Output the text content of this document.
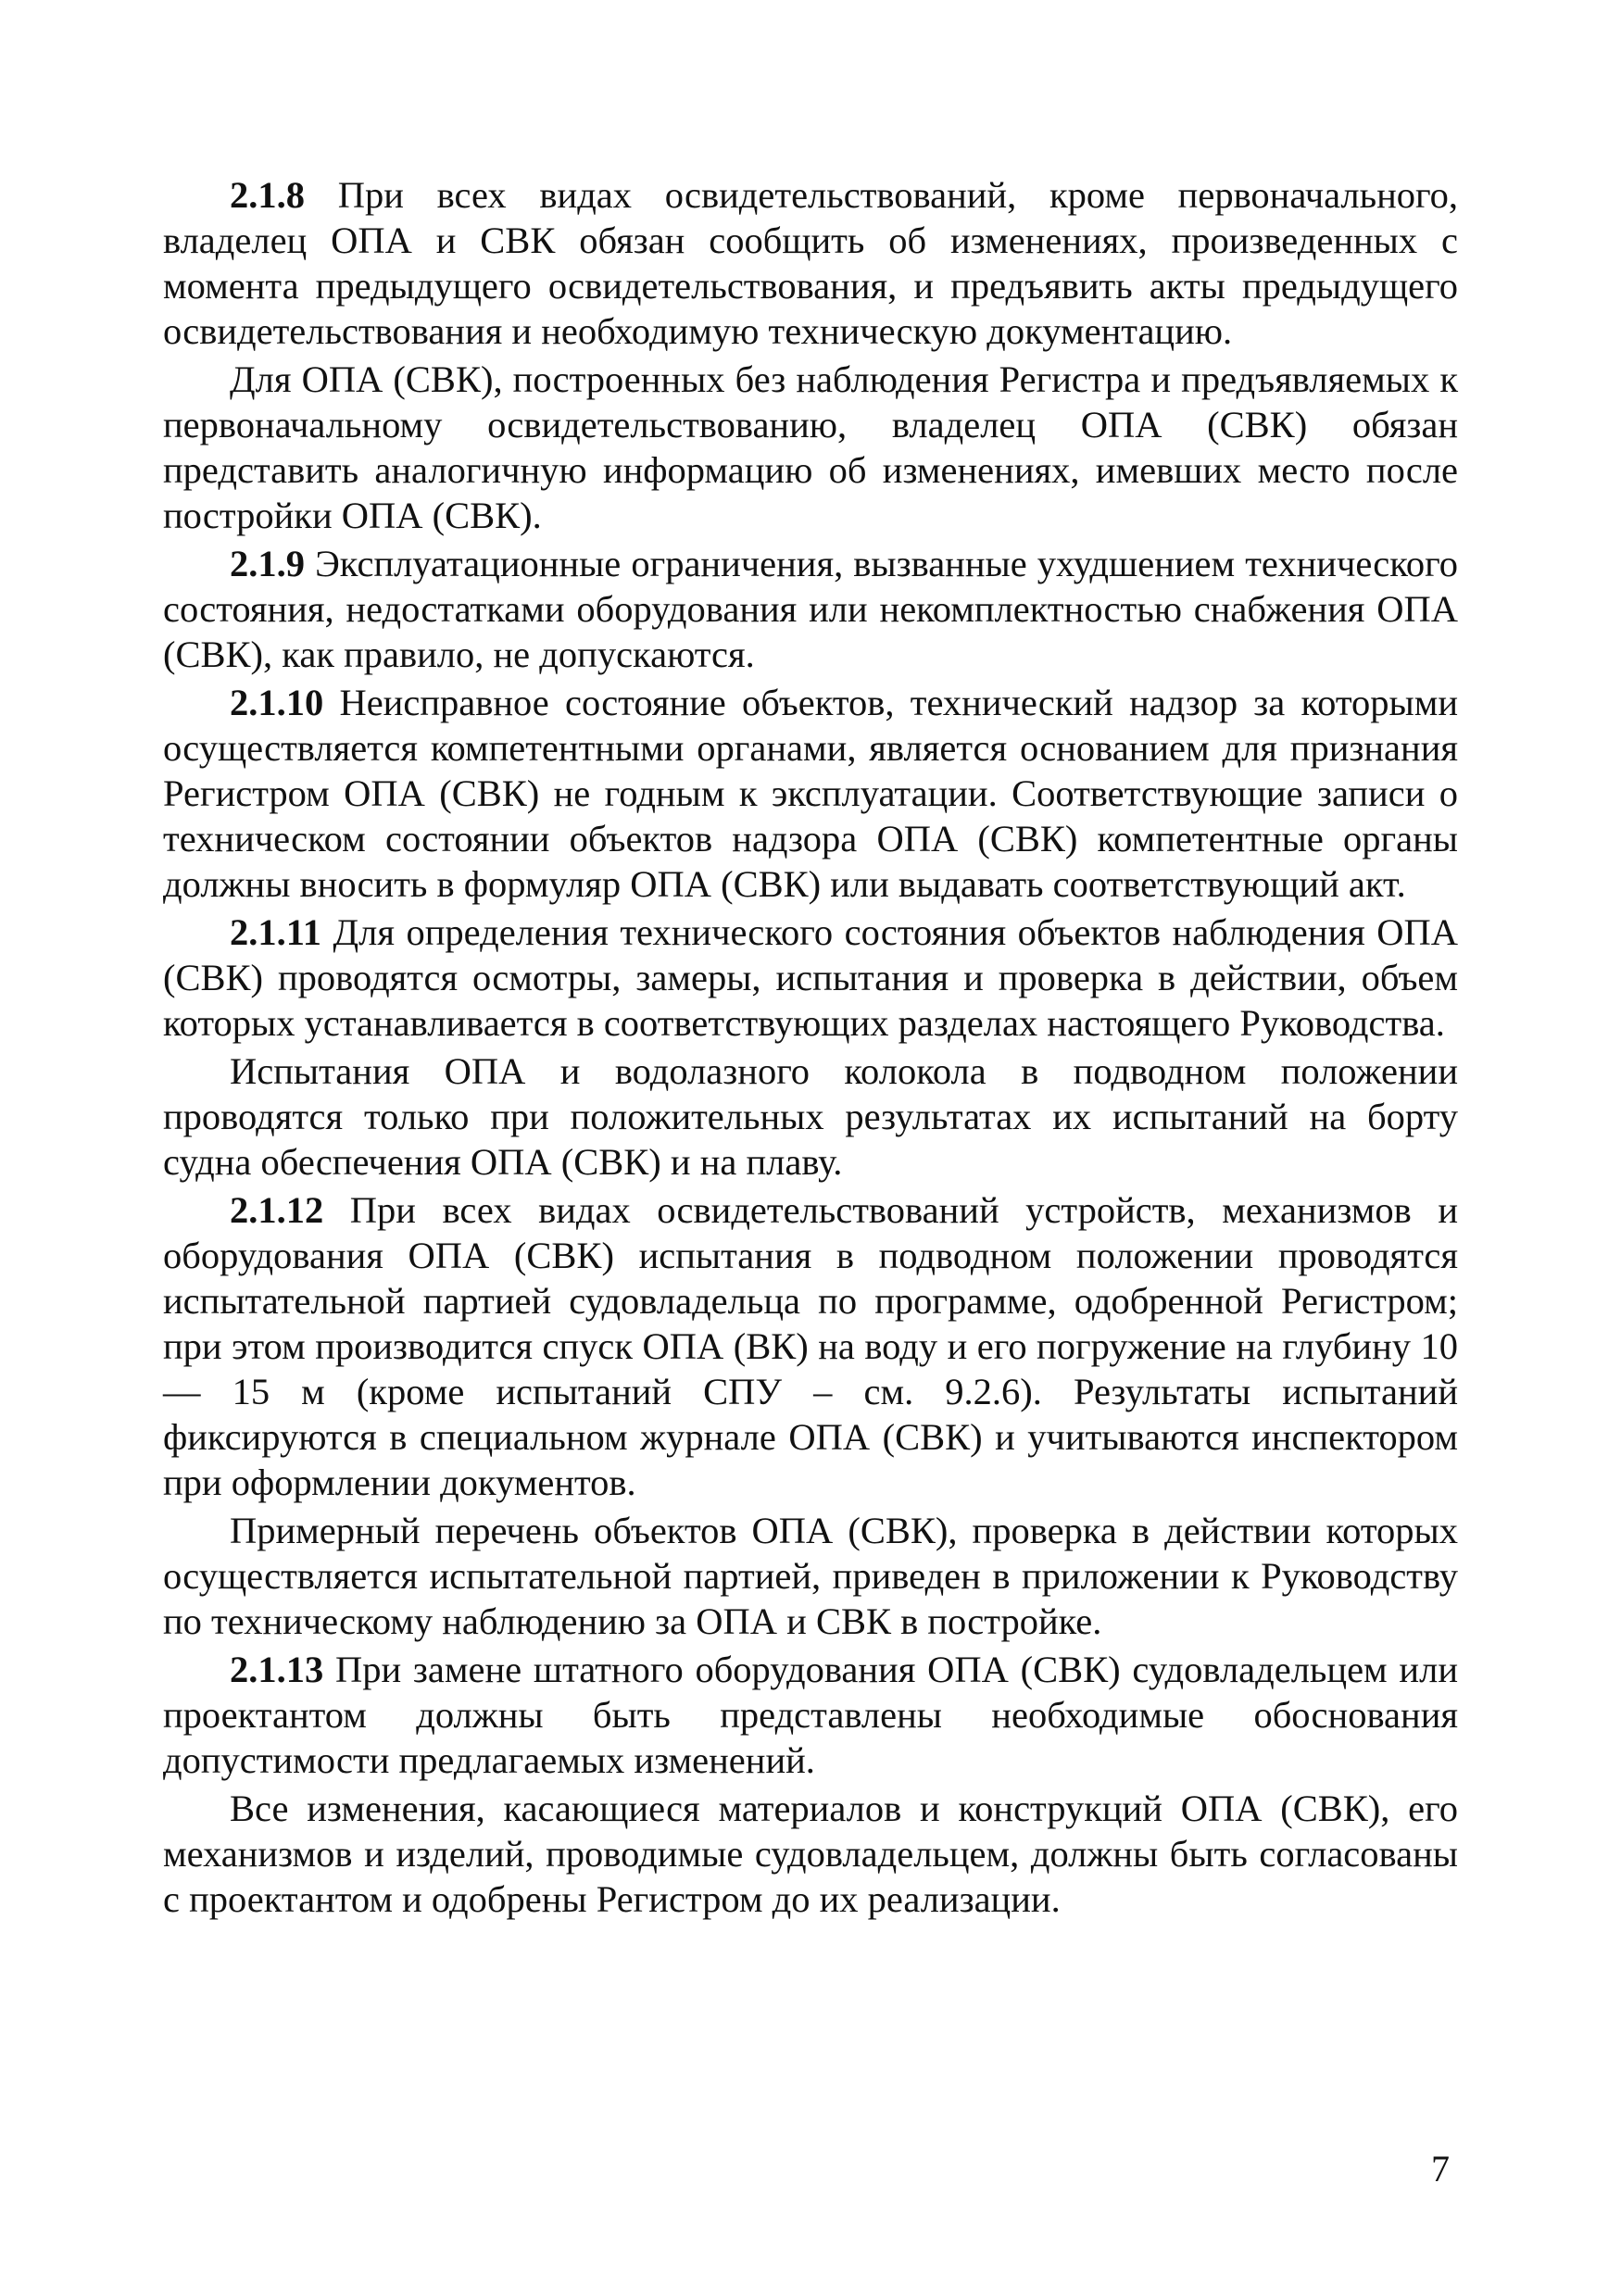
2.1.8 При всех видах освидетельствований, кроме первоначального, владелец ОПА и СВК обязан сообщить об изменениях, произведенных с момента предыдущего освидетельствования, и предъявить акты предыдущего освидетельствования и необходимую техническую документацию.

Для ОПА (СВК), построенных без наблюдения Регистра и предъявляемых к первоначальному освидетельствованию, владелец ОПА (СВК) обязан представить аналогичную информацию об изменениях, имевших место после постройки ОПА (СВК).

2.1.9 Эксплуатационные ограничения, вызванные ухудшением технического состояния, недостатками оборудования или некомплектностью снабжения ОПА (СВК), как правило, не допускаются.

2.1.10 Неисправное состояние объектов, технический надзор за которыми осуществляется компетентными органами, является основанием для признания Регистром ОПА (СВК) не годным к эксплуатации. Соответствующие записи о техническом состоянии объектов надзора ОПА (СВК) компетентные органы должны вносить в формуляр ОПА (СВК) или выдавать соответствующий акт.

2.1.11 Для определения технического состояния объектов наблюдения ОПА (СВК) проводятся осмотры, замеры, испытания и проверка в действии, объем которых устанавливается в соответствующих разделах настоящего Руководства.

Испытания ОПА и водолазного колокола в подводном положении проводятся только при положительных результатах их испытаний на борту судна обеспечения ОПА (СВК) и на плаву.

2.1.12 При всех видах освидетельствований устройств, механизмов и оборудования ОПА (СВК) испытания в подводном положении проводятся испытательной партией судовладельца по программе, одобренной Регистром; при этом производится спуск ОПА (ВК) на воду и его погружение на глубину 10 — 15 м (кроме испытаний СПУ – см. 9.2.6). Результаты испытаний фиксируются в специальном журнале ОПА (СВК) и учитываются инспектором при оформлении документов.

Примерный перечень объектов ОПА (СВК), проверка в действии которых осуществляется испытательной партией, приведен в приложении к Руководству по техническому наблюдению за ОПА и СВК в постройке.

2.1.13 При замене штатного оборудования ОПА (СВК) судовладельцем или проектантом должны быть представлены необходимые обоснования допустимости предлагаемых изменений.

Все изменения, касающиеся материалов и конструкций ОПА (СВК), его механизмов и изделий, проводимые судовладельцем, должны быть согласованы с проектантом и одобрены Регистром до их реализации.

7
